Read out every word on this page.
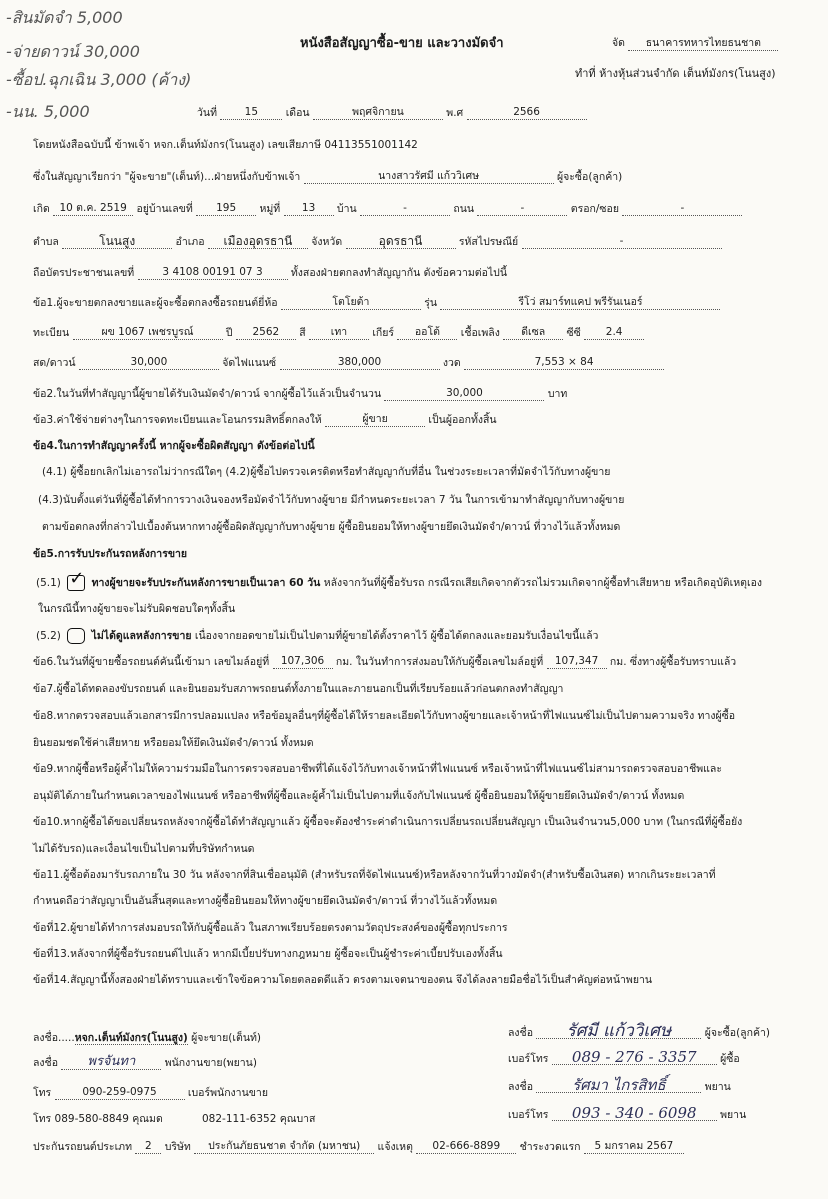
-สินมัดจำ 5,000
-จ่ายดาวน์ 30,000
-ซื้อป.ฉุกเฉิน 3,000 (ค้าง)
-นน. 5,000
หนังสือสัญญาซื้อ-ขาย และวางมัดจำ	จัด ธนาคารทหารไทยธนชาต
ทำที่ ห้างหุ้นส่วนจำกัด เต็นท์มังกร(โนนสูง)
วันที่	15	เดือน	พฤศจิกายน	พ.ศ	2566
โดยหนังสือฉบับนี้ ข้าพเจ้า หจก.เต็นท์มังกร(โนนสูง) เลขเสียภาษี 04113551001142
ซึ่งในสัญญาเรียกว่า "ผู้จะขาย"(เต็นท์)...ฝ่ายหนึ่งกับข้าพเจ้า	นางสาวรัศมี แก้ววิเศษ	ผู้จะซื้อ(ลูกค้า)
เกิด 10 ต.ค. 2519 อยู่บ้านเลขที่ 195 หมู่ที่ 13 บ้าน	-	ถนน	-	ตรอก/ซอย	-
ตำบล	โนนสูง	อำเภอ เมืองอุดรธานี จังหวัด	อุดรธานี	รหัสไปรษณีย์	-
ถือบัตรประชาชนเลขที่	3 4108 00191 07 3	ทั้งสองฝ่ายตกลงทำสัญญากัน ดังข้อความต่อไปนี้
ข้อ1.ผู้จะขายตกลงขายและผู้จะซื้อตกลงซื้อรถยนต์ยี่ห้อ	โตโยต้า	รุ่น	รีโว่ สมาร์ทแคป พรีรันเนอร์
ทะเบียน	ผข 1067 เพชรบูรณ์	ปี 2562 สี เทา เกียร์ ออโต้ เชื้อเพลิง ดีเซล ซีซี 2.4
สด/ดาวน์	30,000	จัดไฟแนนซ์	380,000	งวด	7,553 × 84
ข้อ2.ในวันที่ทำสัญญานี้ผู้ขายได้รับเงินมัดจำ/ดาวน์ จากผู้ซื้อไว้แล้วเป็นจำนวน	30,000	บาท
ข้อ3.ค่าใช้จ่ายต่างๆในการจดทะเบียนและโอนกรรมสิทธิ์ตกลงให้	ผู้ขาย	เป็นผู้ออกทั้งสิ้น
ข้อ4.ในการทำสัญญาครั้งนี้ หากผู้จะซื้อผิดสัญญา ดังข้อต่อไปนี้
(4.1) ผู้ซื้อยกเลิกไม่เอารถไม่ว่ากรณีใดๆ (4.2)ผู้ซื้อไปตรวจเครดิตหรือทำสัญญากับที่อื่น ในช่วงระยะเวลาที่มัดจำไว้กับทางผู้ขาย
(4.3)นับตั้งแต่วันที่ผู้ซื้อได้ทำการวางเงินจองหรือมัดจำไว้กับทางผู้ขาย มีกำหนดระยะเวลา 7 วัน ในการเข้ามาทำสัญญากับทางผู้ขาย
ตามข้อตกลงที่กล่าวไปเบื้องต้นหากทางผู้ซื้อผิดสัญญากับทางผู้ขาย ผู้ซื้อยินยอมให้ทางผู้ขายยึดเงินมัดจำ/ดาวน์ ที่วางไว้แล้วทั้งหมด
ข้อ5.การรับประกันรถหลังการขาย
(5.1) ✓ ทางผู้ขายจะรับประกันหลังการขายเป็นเวลา 60 วัน หลังจากวันที่ผู้ซื้อรับรถ กรณีรถเสียเกิดจากตัวรถไม่รวมเกิดจากผู้ซื้อทำเสียหาย หรือเกิดอุบัติเหตุเอง
ในกรณีนี้ทางผู้ขายจะไม่รับผิดชอบใดๆทั้งสิ้น
(5.2)	ไม่ได้ดูแลหลังการขาย เนื่องจากยอดขายไม่เป็นไปตามที่ผู้ขายได้ตั้งราคาไว้ ผู้ซื้อได้ตกลงและยอมรับเงื่อนไขนี้แล้ว
ข้อ6.ในวันที่ผู้ขายซื้อรถยนต์คันนี้เข้ามา เลขไมล์อยู่ที่ 107,306 กม. ในวันทำการส่งมอบให้กับผู้ซื้อเลขไมล์อยู่ที่ 107,347 กม. ซึ่งทางผู้ซื้อรับทราบแล้ว
ข้อ7.ผู้ซื้อได้ทดลองขับรถยนต์ และยินยอมรับสภาพรถยนต์ทั้งภายในและภายนอกเป็นที่เรียบร้อยแล้วก่อนตกลงทำสัญญา
ข้อ8.หากตรวจสอบแล้วเอกสารมีการปลอมแปลง หรือข้อมูลอื่นๆที่ผู้ซื้อได้ให้รายละเอียดไว้กับทางผู้ขายและเจ้าหน้าที่ไฟแนนซ์ไม่เป็นไปตามความจริง ทางผู้ซื้อ
ยินยอมชดใช้ค่าเสียหาย หรือยอมให้ยึดเงินมัดจำ/ดาวน์ ทั้งหมด
ข้อ9.หากผู้ซื้อหรือผู้ค้ำไม่ให้ความร่วมมือในการตรวจสอบอาชีพที่ได้แจ้งไว้กับทางเจ้าหน้าที่ไฟแนนซ์ หรือเจ้าหน้าที่ไฟแนนซ์ไม่สามารถตรวจสอบอาชีพและ
อนุมัติได้ภายในกำหนดเวลาของไฟแนนซ์ หรืออาชีพที่ผู้ซื้อและผู้ค้ำไม่เป็นไปตามที่แจ้งกับไฟแนนซ์ ผู้ซื้อยินยอมให้ผู้ขายยึดเงินมัดจำ/ดาวน์ ทั้งหมด
ข้อ10.หากผู้ซื้อได้ขอเปลี่ยนรถหลังจากผู้ซื้อได้ทำสัญญาแล้ว ผู้ซื้อจะต้องชำระค่าดำเนินการเปลี่ยนรถเปลี่ยนสัญญา เป็นเงินจำนวน5,000 บาท (ในกรณีที่ผู้ซื้อยัง
ไม่ได้รับรถ)และเงื่อนไขเป็นไปตามที่บริษัทกำหนด
ข้อ11.ผู้ซื้อต้องมารับรถภายใน 30 วัน หลังจากที่สินเชื่ออนุมัติ (สำหรับรถที่จัดไฟแนนซ์)หรือหลังจากวันที่วางมัดจำ(สำหรับซื้อเงินสด) หากเกินระยะเวลาที่
กำหนดถือว่าสัญญาเป็นอันสิ้นสุดและทางผู้ซื้อยินยอมให้ทางผู้ขายยึดเงินมัดจำ/ดาวน์ ที่วางไว้แล้วทั้งหมด
ข้อที่12.ผู้ขายได้ทำการส่งมอบรถให้กับผู้ซื้อแล้ว ในสภาพเรียบร้อยตรงตามวัตถุประสงค์ของผู้ซื้อทุกประการ
ข้อที่13.หลังจากที่ผู้ซื้อรับรถยนต์ไปแล้ว หากมีเบี้ยปรับทางกฎหมาย ผู้ซื้อจะเป็นผู้ชำระค่าเบี้ยปรับเองทั้งสิ้น
ข้อที่14.สัญญานี้ทั้งสองฝ่ายได้ทราบและเข้าใจข้อความโดยตลอดดีแล้ว ตรงตามเจตนาของตน จึงได้ลงลายมือชื่อไว้เป็นสำคัญต่อหน้าพยาน
ลงชื่อ.....หจก.เต็นท์มังกร(โนนสูง) ผู้จะขาย(เต็นท์)
ลงชื่อ พรจันทา	พนักงานขาย(พยาน)
โทร	090-259-0975	เบอร์พนักงานขาย
โทร 089-580-8849 คุณมด	082-111-6352 คุณบาส
ลงชื่อ รัศมี แก้ววิเศษ	ผู้จะซื้อ(ลูกค้า)
เบอร์โทร 089 - 276 - 3357 ผู้ซื้อ
ลงชื่อ	รัศมา ไกรสิทธิ์	พยาน
เบอร์โทร 093 - 340 - 6098 พยาน
ประกันรถยนต์ประเภท 2 บริษัท ประกันภัยธนชาต จำกัด (มหาชน) แจ้งเหตุ 02-666-8899 ชำระงวดแรก 5 มกราคม 2567
